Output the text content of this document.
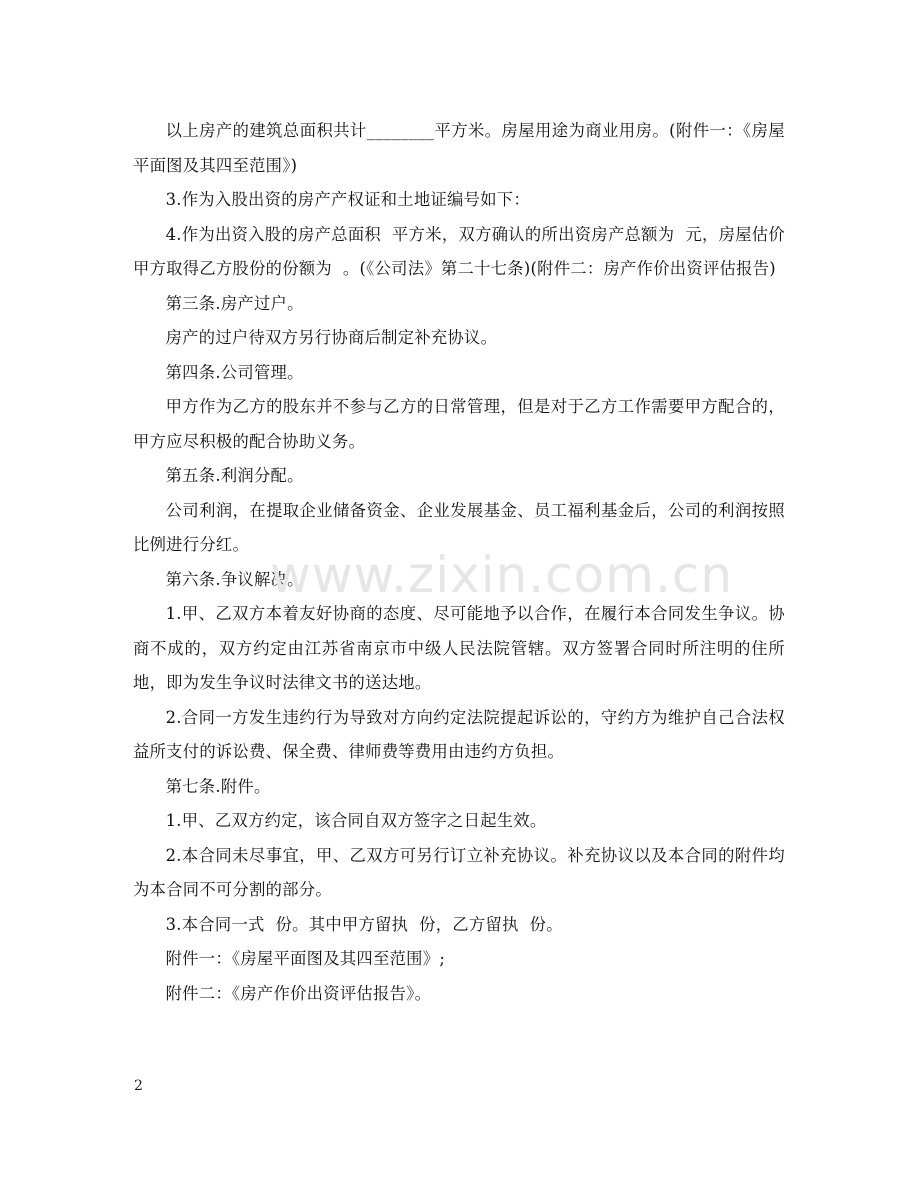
以上房产的建筑总面积共计________平方米。房屋用途为商业用房。(附件一：《房屋平面图及其四至范围》)

3.作为入股出资的房产产权证和土地证编号如下：

4.作为出资入股的房产总面积  平方米，双方确认的所出资房产总额为  元，房屋估价甲方取得乙方股份的份额为  。(《公司法》第二十七条)(附件二：房产作价出资评估报告)

第三条.房产过户。

房产的过户待双方另行协商后制定补充协议。

第四条.公司管理。

甲方作为乙方的股东并不参与乙方的日常管理，但是对于乙方工作需要甲方配合的，甲方应尽积极的配合协助义务。

第五条.利润分配。

公司利润，在提取企业储备资金、企业发展基金、员工福利基金后，公司的利润按照  比例进行分红。

第六条.争议解决。

1.甲、乙双方本着友好协商的态度、尽可能地予以合作，在履行本合同发生争议。协商不成的，双方约定由江苏省南京市中级人民法院管辖。双方签署合同时所注明的住所地，即为发生争议时法律文书的送达地。

2.合同一方发生违约行为导致对方向约定法院提起诉讼的，守约方为维护自己合法权益所支付的诉讼费、保全费、律师费等费用由违约方负担。

第七条.附件。

1.甲、乙双方约定，该合同自双方签字之日起生效。

2.本合同未尽事宜，甲、乙双方可另行订立补充协议。补充协议以及本合同的附件均为本合同不可分割的部分。

3.本合同一式  份。其中甲方留执  份，乙方留执  份。

附件一：《房屋平面图及其四至范围》;

附件二：《房产作价出资评估报告》。

www.zixin.com.cn
2
